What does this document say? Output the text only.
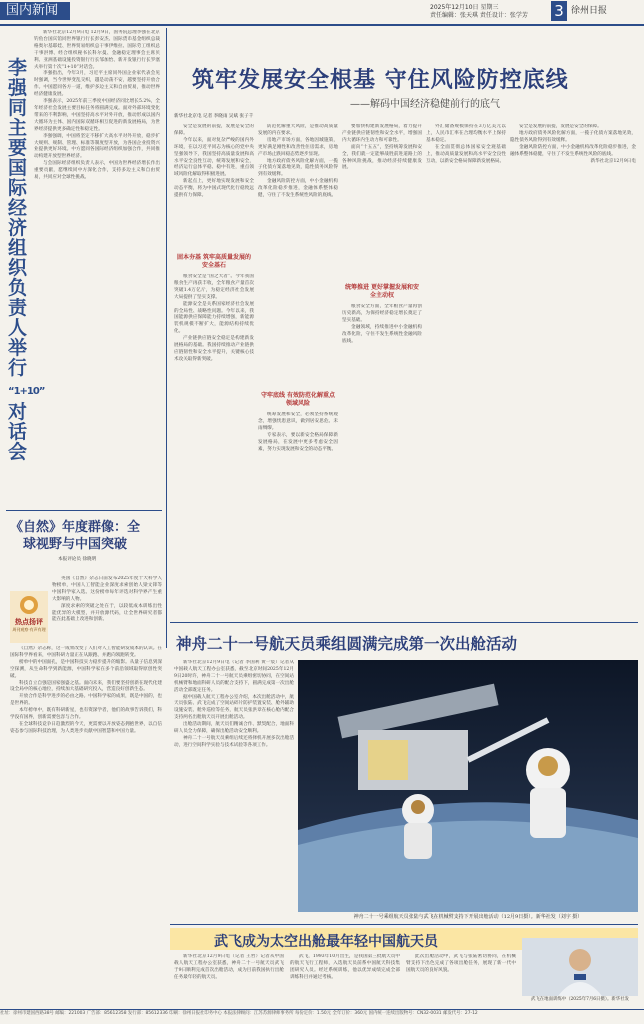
国内新闻	2025年12月10日 星期三
责任编辑：张天琪 责任设计：张学芳 3 徐州日报
李
强
同
主
要
国
际
经
济
组
织
负
责
人
举
行
“1+10”
对
话
会

新华社北京12月9日电 12月9日，国务院总理李强在北京钓鱼台国宾馆同世界银行行长彭安杰、国际货币基金组织总裁格奥尔基耶娃、世界贸易组织总干事伊维拉、国际劳工组织总干事洪博、经合组织秘书长科尔曼、金融稳定理事会主席贝利、亚洲基础设施投资银行行长邹加怡、新开发银行行长罗塞夫举行第十次“1+10”对话会。

李强指出，今年3月，习近平主席同外国企业家代表会见时强调，当今世界变乱交织，越是动荡不安，越要坚持开放合作。中国愿同各方一道，维护多边主义和自由贸易，推动世界经济健康发展。

李强表示，2025年前三季度中国经济同比增长5.2%，全年经济社会发展主要目标任务将圆满完成。面对外部环境变化带来的不利影响，中国坚持高水平对外开放，推动形成以国内大循环为主体、国内国际双循环相互促进的新发展格局，为世界经济提供更多确定性和稳定性。

李强强调，中国将坚定不移扩大高水平对外开放，稳步扩大规则、规制、管理、标准等制度型开放，为各国企业投资兴业提供更好环境。中方愿同各国际经济组织加强合作，共同推动构建开放型世界经济。

与会国际经济组织负责人表示，中国为世界经济增长作出重要贡献，愿继续同中方深化合作，支持多边主义和自由贸易，共同应对全球性挑战。

《自然》年度群像：全球视野与中国突破
本报评论员 徐晓明
热点扬评
周刊观察·有声有理

英国《自然》杂志日前发布2025年度十大科学人物榜单，中国人工智能企业深度求索创始人梁文锋等中国科学家入选。这份榜单每年评选对科学界产生重大影响的人物。

深度求索的突破之处在于，以较低成本训练出性能优异的大模型，并开放源代码，让全世界研究者都能在此基础上改进和创新。

《自然》杂志称，这一成果改变了人们对人工智能研发成本的认识。在国际科学界看来，中国科研力量正在从跟跑、并跑向领跑转变。

榜单中的中国面孔，是中国科技实力稳步提升的缩影。从量子信息到深空探测，从生命科学到新能源，中国科学家在多个前沿领域取得原创性突破。

科技自立自强是国家强盛之基。面向未来，我们要坚持创新在现代化建设全局中的核心地位，持续加大基础研究投入，营造良好创新生态。

开放合作是科学进步的必由之路。中国科学家的成果，既是中国的，也是世界的。

本年榜单中，既有科研新星，也有资深学者，他们的故事告诉我们，科学没有国界，创新需要包容与合作。

在全球科技竞争日趋激烈的今天，更需要以开放姿态拥抱世界，以自信姿态参与国际科技治理，为人类进步贡献中国智慧和中国力量。

筑牢发展安全根基 守住风险防控底线
——解码中国经济稳健前行的底气
新华社北京电 记者 李晓雨 吴斌 张子千

安全是发展的前提，发展是安全的保障。

今年以来，面对复杂严峻的国内外环境，在以习近平同志为核心的党中央坚强领导下，我国坚持高质量发展和高水平安全良性互动，统筹发展和安全，经济运行总体平稳、稳中有进，重点领域风险化解取得积极进展。

新起点上，更好地实现发展和安全动态平衡，将为中国式现代化行稳致远提供有力保障。

固本夯基 筑牢高质量发展的安全基石

粮食安全是“国之大者”。今年我国粮食生产再获丰收，全年粮食产量首次突破1.4万亿斤，为稳定经济社会发展大局提供了坚实支撑。

能源安全是关系国家经济社会发展的全局性、战略性问题。今年以来，我国能源供应保障能力持续增强，新能源装机规模不断扩大，能源结构持续优化。

产业链供应链安全稳定是构建新发展格局的基础。我国持续推动产业链供应链韧性和安全水平提升，关键核心技术攻关取得新突破。

防范化解重大风险，是推动高质量发展的内在要求。

房地产市场方面，各地因城施策，更好满足刚性和改善性住房需求，房地产市场止跌回稳态势逐步显现。

地方政府债务风险化解方面，一揽子化债方案落地见效，隐性债务风险得到有效缓释。

金融风险防控方面，中小金融机构改革化险稳步推进，金融体系整体稳健，守住了不发生系统性风险的底线。

守牢底线 有效防范化解重点领域风险

统筹发展和安全，必须坚持系统观念，增强忧患意识，做到居安思危、未雨绸缪。

专家表示，要以新安全格局保障新发展格局，在发展中更多考虑安全因素，努力实现发展和安全的动态平衡。

要加快构建新发展格局，着力提升产业链供应链韧性和安全水平，增强国内大循环内生动力和可靠性。

面向“十五五”，坚持统筹发展和安全，我们就一定能够战胜前进道路上的各种风险挑战，推动经济持续健康发展。

统筹推进 更好掌握发展和安全主动权

粮食安全方面，全年粮食产量再创历史新高，为保持经济稳定增长奠定了坚实基础。

金融领域，持续推进中小金融机构改革化险，守住不发生系统性金融风险底线。

外汇储备规模保持在3万亿美元以上，人民币汇率在合理均衡水平上保持基本稳定。

在全面贯彻总体国家安全观基础上，推动高质量发展和高水平安全良性互动，以新安全格局保障新发展格局。

安全是发展的前提，发展是安全的保障。

地方政府债务风险化解方面，一揽子化债方案落地见效，隐性债务风险得到有效缓释。

金融风险防控方面，中小金融机构改革化险稳步推进，金融体系整体稳健，守住了不发生系统性风险的底线。

新华社北京12月9日电

神舟二十一号航天员乘组圆满完成第一次出舱活动

新华社北京12月9日电（记者 李国利 黄一宸）记者从中国载人航天工程办公室获悉，截至北京时间2025年12月9日20时许，神舟二十一号航天员乘组密切协同，在空间站机械臂和地面科研人员的配合支持下，圆满完成第一次出舱活动全部既定任务。

据中国载人航天工程办公室介绍，本次出舱活动中，航天员张陆、武飞完成了空间站碎片防护装置安装、舱外辅助设施安装、舱外巡检等任务，航天员张洪章在核心舱内配合支持两名出舱航天员开展出舱活动。

出舱活动期间，航天员们精诚合作、默契配合，地面科研人员全力保障，确保出舱活动安全顺利。

神舟二十一号航天员乘组后续还将择机开展多次出舱活动，进行空间科学实验与技术试验等各项工作。

神舟二十一号乘组航天员张陆与武飞在机械臂支持下开展出舱活动（12月9日摄）。新华社发（刘宇 摄）
武飞成为太空出舱最年轻中国航天员

新华社北京12月9日电（记者 王哲）记者从中国载人航天工程办公室获悉，神舟二十一号航天员武飞于9日顺利完成首次出舱活动，成为目前我国执行出舱任务最年轻的航天员。

武飞，1993年10月出生，是我国第三批航天员中的航天飞行工程师，入选航天员前系中国航天科技集团研究人员。经过系统训练，他以优异成绩完成全部训练科目并通过考核。

此次出舱活动中，武飞与张陆密切协同，在机械臂支持下出色完成了各项出舱任务，展现了新一代中国航天员的良好风貌。

武飞在地面训练中（2025年7月6日摄）。新华社发
社址：徐州市建国西路38号 邮编：221003 广告部：85612358 发行部：85612336 印刷：徐州日报社印务中心 本报法律顾问：江苏苏源律师事务所 每份定价：1.50元 全年订价：360元 国内统一连续出版物号：CN32-0031 邮发代号：27-12
